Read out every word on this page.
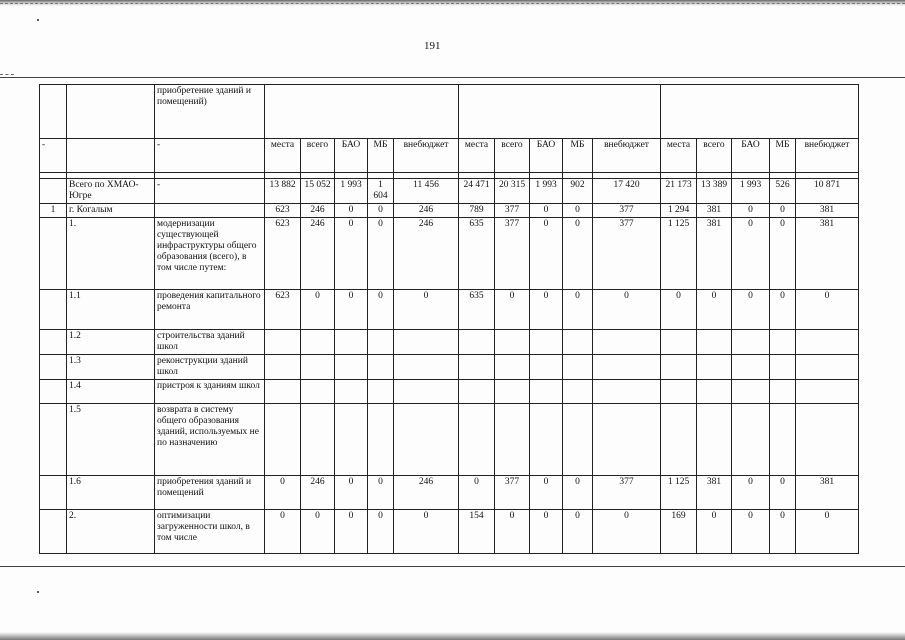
191
		приобретение зданий и помещений)															
-		-	места	всего	БАО	МБ	внебюджет	места	всего	БАО	МБ	внебюджет	места	всего	БАО	МБ	внебюджет

	Всего по ХМАО-Югре	-	13 882	15 052	1 993	1 604	11 456	24 471	20 315	1 993	902	17 420	21 173	13 389	1 993	526	10 871
1	г. Когалым		623	246	0	0	246	789	377	0	0	377	1 294	381	0	0	381
	1.	модернизации существующей инфраструктуры общего образования (всего), в том числе путем:	623	246	0	0	246	635	377	0	0	377	1 125	381	0	0	381
	1.1	проведения капитального ремонта	623	0	0	0	0	635	0	0	0	0	0	0	0	0	0
	1.2	строительства зданий школ															
	1.3	реконструкции зданий школ															
	1.4	пристроя к зданиям школ															
	1.5	возврата в систему общего образования зданий, используемых не по назначению															
	1.6	приобретения зданий и помещений	0	246	0	0	246	0	377	0	0	377	1 125	381	0	0	381
	2.	оптимизации загруженности школ, в том числе	0	0	0	0	0	154	0	0	0	0	169	0	0	0	0
